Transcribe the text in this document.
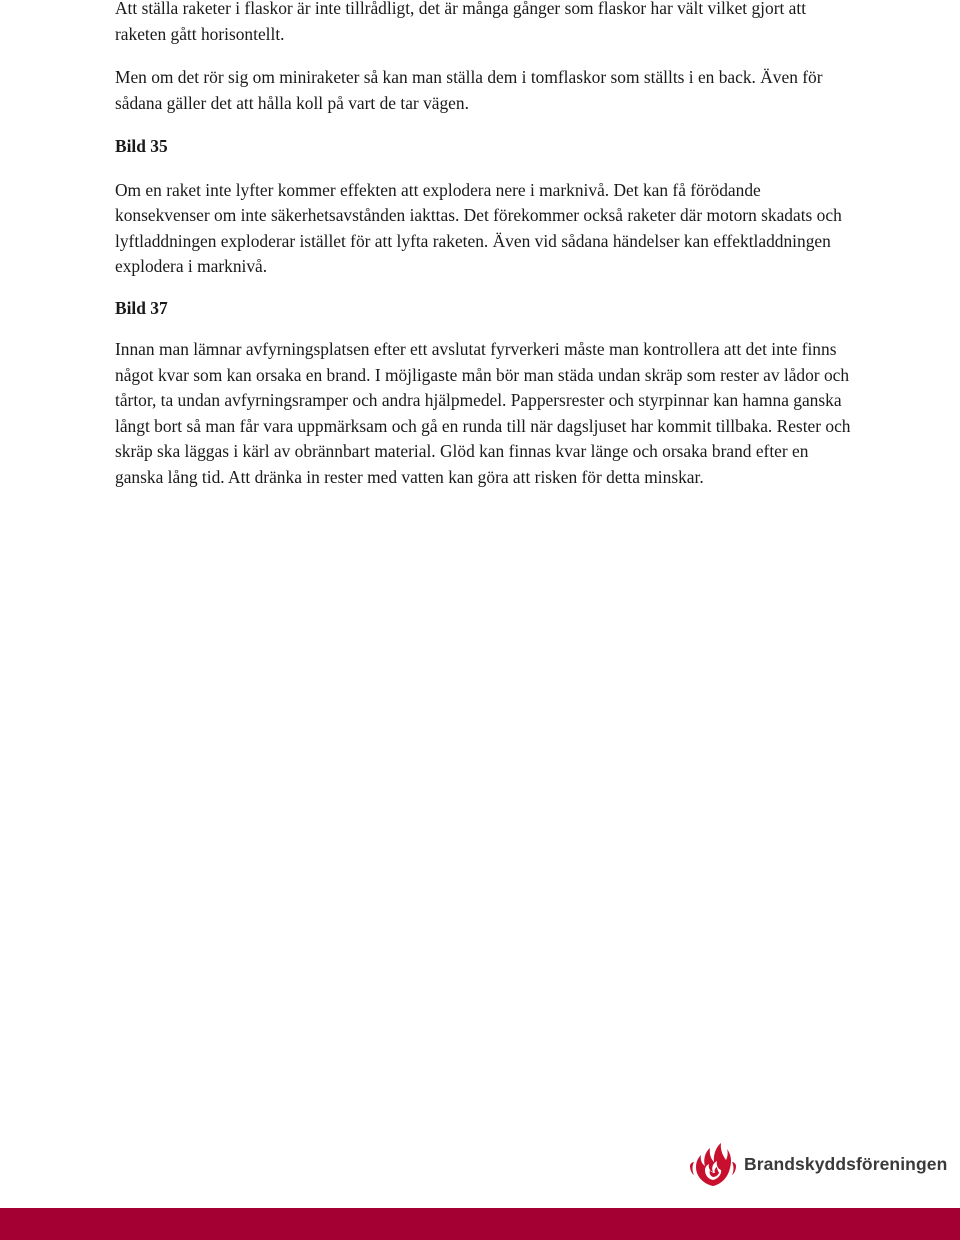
Att ställa raketer i flaskor är inte tillrådligt, det är många gånger som flaskor har vält vilket gjort att raketen gått horisontellt.

Men om det rör sig om miniraketer så kan man ställa dem i tomflaskor som ställts i en back. Även för sådana gäller det att hålla koll på vart de tar vägen.

Bild 35

Om en raket inte lyfter kommer effekten att explodera nere i marknivå. Det kan få förödande konsekvenser om inte säkerhetsavstånden iakttas. Det förekommer också raketer där motorn skadats och lyftladdningen exploderar istället för att lyfta raketen. Även vid sådana händelser kan effektladdningen explodera i marknivå.

Bild 37

Innan man lämnar avfyrningsplatsen efter ett avslutat fyrverkeri måste man kontrollera att det inte finns något kvar som kan orsaka en brand. I möjligaste mån bör man städa undan skräp som rester av lådor och tårtor, ta undan avfyrningsramper och andra hjälpmedel. Pappersrester och styrpinnar kan hamna ganska långt bort så man får vara uppmärksam och gå en runda till när dagsljuset har kommit tillbaka. Rester och skräp ska läggas i kärl av obrännbart material. Glöd kan finnas kvar länge och orsaka brand efter en ganska lång tid. Att dränka in rester med vatten kan göra att risken för detta minskar.

Brandskyddsföreningen
